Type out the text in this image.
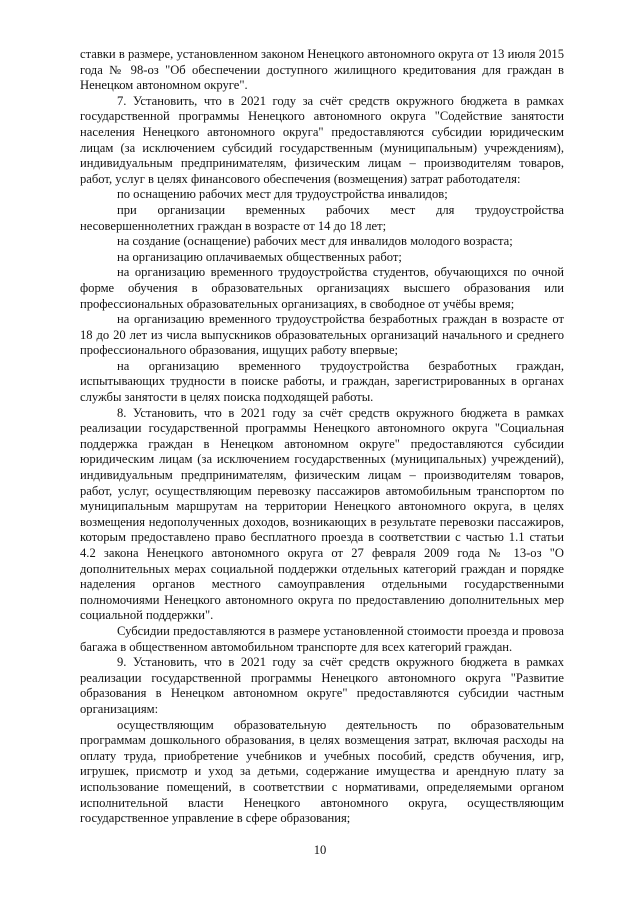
ставки в размере, установленном законом Ненецкого автономного округа от 13 июля 2015 года № 98-оз "Об обеспечении доступного жилищного кредитования для граждан в Ненецком автономном округе".

7. Установить, что в 2021 году за счёт средств окружного бюджета в рамках государственной программы Ненецкого автономного округа "Содействие занятости населения Ненецкого автономного округа" предоставляются субсидии юридическим лицам (за исключением субсидий государственным (муниципальным) учреждениям), индивидуальным предпринимателям, физическим лицам – производителям товаров, работ, услуг в целях финансового обеспечения (возмещения) затрат работодателя:

по оснащению рабочих мест для трудоустройства инвалидов;

при организации временных рабочих мест для трудоустройства несовершеннолетних граждан в возрасте от 14 до 18 лет;

на создание (оснащение) рабочих мест для инвалидов молодого возраста;

на организацию оплачиваемых общественных работ;

на организацию временного трудоустройства студентов, обучающихся по очной форме обучения в образовательных организациях высшего образования или профессиональных образовательных организациях, в свободное от учёбы время;

на организацию временного трудоустройства безработных граждан в возрасте от 18 до 20 лет из числа выпускников образовательных организаций начального и среднего профессионального образования, ищущих работу впервые;

на организацию временного трудоустройства безработных граждан, испытывающих трудности в поиске работы, и граждан, зарегистрированных в органах службы занятости в целях поиска подходящей работы.

8. Установить, что в 2021 году за счёт средств окружного бюджета в рамках реализации государственной программы Ненецкого автономного округа "Социальная поддержка граждан в Ненецком автономном округе" предоставляются субсидии юридическим лицам (за исключением государственных (муниципальных) учреждений), индивидуальным предпринимателям, физическим лицам – производителям товаров, работ, услуг, осуществляющим перевозку пассажиров автомобильным транспортом по муниципальным маршрутам на территории Ненецкого автономного округа, в целях возмещения недополученных доходов, возникающих в результате перевозки пассажиров, которым предоставлено право бесплатного проезда в соответствии с частью 1.1 статьи 4.2 закона Ненецкого автономного округа от 27 февраля 2009 года № 13-оз "О дополнительных мерах социальной поддержки отдельных категорий граждан и порядке наделения органов местного самоуправления отдельными государственными полномочиями Ненецкого автономного округа по предоставлению дополнительных мер социальной поддержки".

Субсидии предоставляются в размере установленной стоимости проезда и провоза багажа в общественном автомобильном транспорте для всех категорий граждан.

9. Установить, что в 2021 году за счёт средств окружного бюджета в рамках реализации государственной программы Ненецкого автономного округа "Развитие образования в Ненецком автономном округе" предоставляются субсидии частным организациям:

осуществляющим образовательную деятельность по образовательным программам дошкольного образования, в целях возмещения затрат, включая расходы на оплату труда, приобретение учебников и учебных пособий, средств обучения, игр, игрушек, присмотр и уход за детьми, содержание имущества и арендную плату за использование помещений, в соответствии с нормативами, определяемыми органом исполнительной власти Ненецкого автономного округа, осуществляющим государственное управление в сфере образования;

10
